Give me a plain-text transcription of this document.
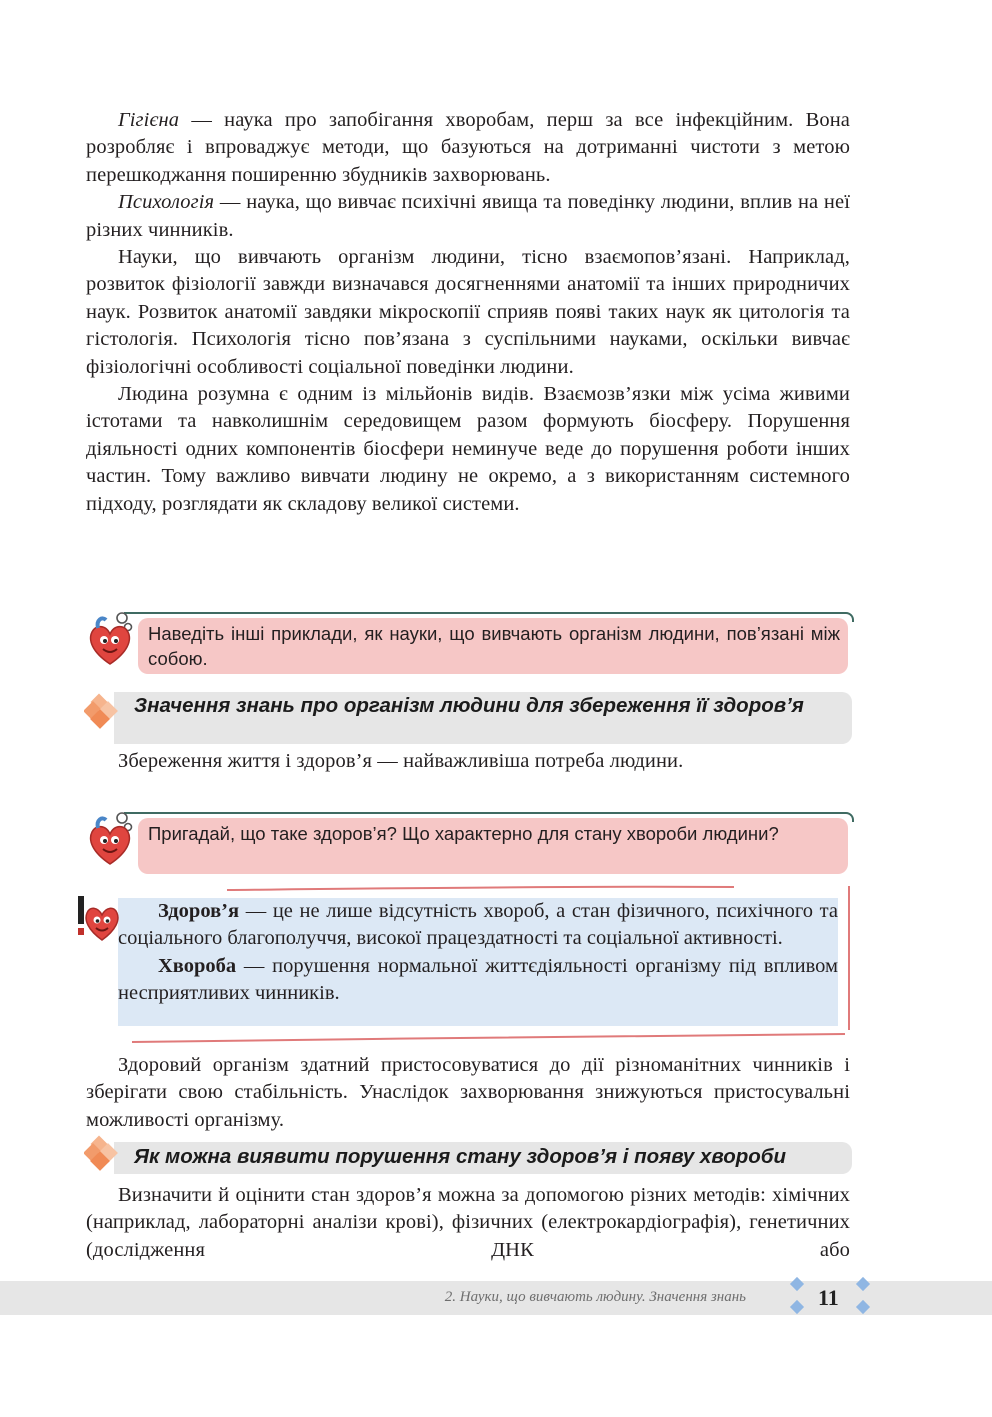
Гігієна — наука про запобігання хворобам, перш за все інфекційним. Вона розробляє і впроваджує методи, що базуються на дотриманні чистоти з метою перешкоджання поширенню збудників захворювань.

Психологія — наука, що вивчає психічні явища та поведінку людини, вплив на неї різних чинників.

Науки, що вивчають організм людини, тісно взаємопов’язані. Наприклад, розвиток фізіології завжди визначався досягненнями анатомії та інших природничих наук. Розвиток анатомії завдяки мікроскопії сприяв появі таких наук як цитологія та гістологія. Психологія тісно пов’язана з суспільними науками, оскільки вивчає фізіологічні особливості соціальної поведінки людини.

Людина розумна є одним із мільйонів видів. Взаємозв’язки між усіма живими істотами та навколишнім середовищем разом формують біосферу. Порушення діяльності одних компонентів біосфери неминуче веде до порушення роботи інших частин. Тому важливо вивчати людину не окремо, а з використанням системного підходу, розглядати як складову великої системи.

Наведіть інші приклади, як науки, що вивчають організм людини, пов’язані між собою.
Значення знань про організм людини для збереження її здоров’я

Збереження життя і здоров’я — найважливіша потреба людини.

Пригадай, що таке здоров’я? Що характерно для стану хвороби людини?

Здоров’я — це не лише відсутність хвороб, а стан фізичного, психічного та соціального благополуччя, високої працездатності та соціальної активності.

Хвороба — порушення нормальної життєдіяльності організму під впливом несприятливих чинників.

Здоровий організм здатний пристосовуватися до дії різноманітних чинників і зберігати свою стабільність. Унаслідок захворювання знижуються пристосувальні можливості організму.

Як можна виявити порушення стану здоров’я і появу хвороби

Визначити й оцінити стан здоров’я можна за допомогою різних методів: хімічних (наприклад, лабораторні аналізи крові), фізичних (електрокардіографія), генетичних (дослідження ДНК або

2. Науки, що вивчають людину. Значення знань	11
